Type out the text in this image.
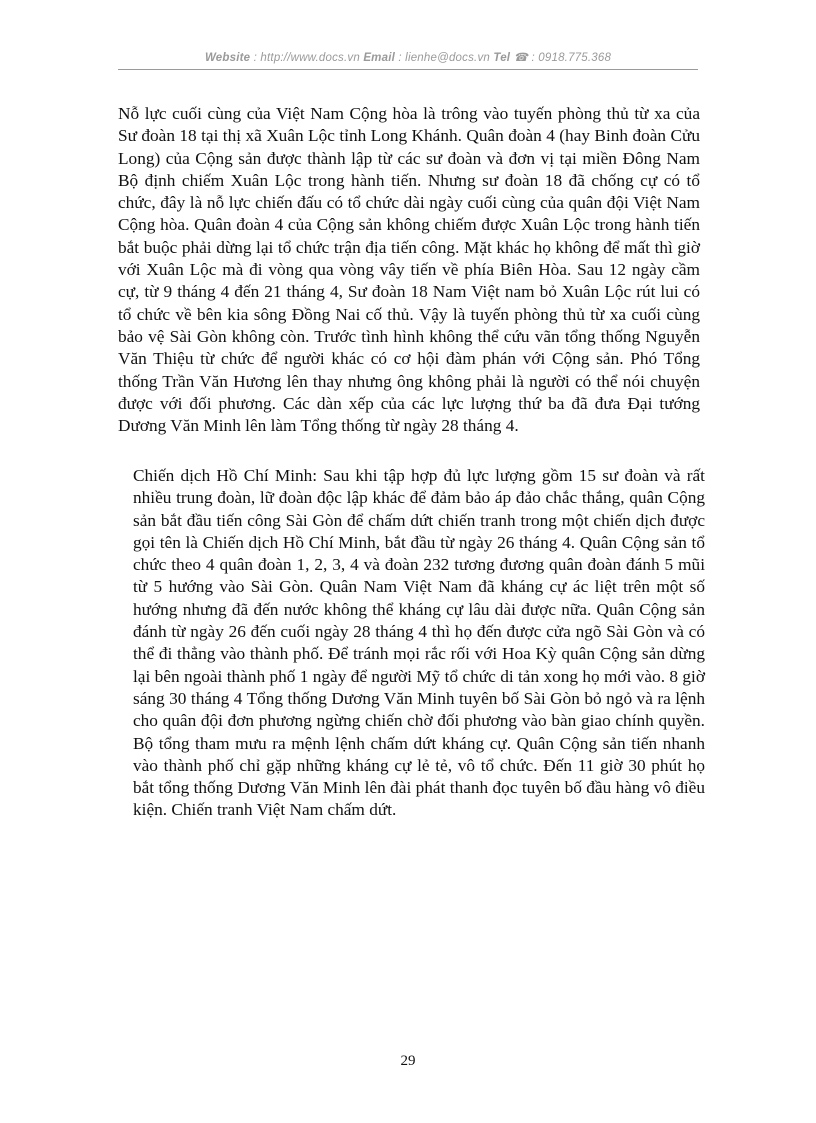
Website : http://www.docs.vn Email : lienhe@docs.vn Tel ☎ : 0918.775.368

Nỗ lực cuối cùng của Việt Nam Cộng hòa là trông vào tuyến phòng thủ từ xa của Sư đoàn 18 tại thị xã Xuân Lộc tỉnh Long Khánh. Quân đoàn 4 (hay Binh đoàn Cửu Long) của Cộng sản được thành lập từ các sư đoàn và đơn vị tại miền Đông Nam Bộ định chiếm Xuân Lộc trong hành tiến. Nhưng sư đoàn 18 đã chống cự có tổ chức, đây là nỗ lực chiến đấu có tổ chức dài ngày cuối cùng của quân đội Việt Nam Cộng hòa. Quân đoàn 4 của Cộng sản không chiếm được Xuân Lộc trong hành tiến bắt buộc phải dừng lại tổ chức trận địa tiến công. Mặt khác họ không để mất thì giờ với Xuân Lộc mà đi vòng qua vòng vây tiến về phía Biên Hòa. Sau 12 ngày cầm cự, từ 9 tháng 4 đến 21 tháng 4, Sư đoàn 18 Nam Việt nam bỏ Xuân Lộc rút lui có tổ chức về bên kia sông Đồng Nai cố thủ. Vậy là tuyến phòng thủ từ xa cuối cùng bảo vệ Sài Gòn không còn. Trước tình hình không thể cứu vãn tổng thống Nguyễn Văn Thiệu từ chức để người khác có cơ hội đàm phán với Cộng sản. Phó Tổng thống Trần Văn Hương lên thay nhưng ông không phải là người có thể nói chuyện được với đối phương. Các dàn xếp của các lực lượng thứ ba đã đưa Đại tướng Dương Văn Minh lên làm Tổng thống từ ngày 28 tháng 4.

Chiến dịch Hồ Chí Minh: Sau khi tập hợp đủ lực lượng gồm 15 sư đoàn và rất nhiều trung đoàn, lữ đoàn độc lập khác để đảm bảo áp đảo chắc thắng, quân Cộng sản bắt đầu tiến công Sài Gòn để chấm dứt chiến tranh trong một chiến dịch được gọi tên là Chiến dịch Hồ Chí Minh, bắt đầu từ ngày 26 tháng 4. Quân Cộng sản tổ chức theo 4 quân đoàn 1, 2, 3, 4 và đoàn 232 tương đương quân đoàn đánh 5 mũi từ 5 hướng vào Sài Gòn. Quân Nam Việt Nam đã kháng cự ác liệt trên một số hướng nhưng đã đến nước không thể kháng cự lâu dài được nữa. Quân Cộng sản đánh từ ngày 26 đến cuối ngày 28 tháng 4 thì họ đến được cửa ngõ Sài Gòn và có thể đi thẳng vào thành phố. Để tránh mọi rắc rối với Hoa Kỳ quân Cộng sản dừng lại bên ngoài thành phố 1 ngày để người Mỹ tổ chức di tản xong họ mới vào. 8 giờ sáng 30 tháng 4 Tổng thống Dương Văn Minh tuyên bố Sài Gòn bỏ ngỏ và ra lệnh cho quân đội đơn phương ngừng chiến chờ đối phương vào bàn giao chính quyền. Bộ tổng tham mưu ra mệnh lệnh chấm dứt kháng cự. Quân Cộng sản tiến nhanh vào thành phố chỉ gặp những kháng cự lẻ tẻ, vô tổ chức. Đến 11 giờ 30 phút họ bắt tổng thống Dương Văn Minh lên đài phát thanh đọc tuyên bố đầu hàng vô điều kiện. Chiến tranh Việt Nam chấm dứt.

29
